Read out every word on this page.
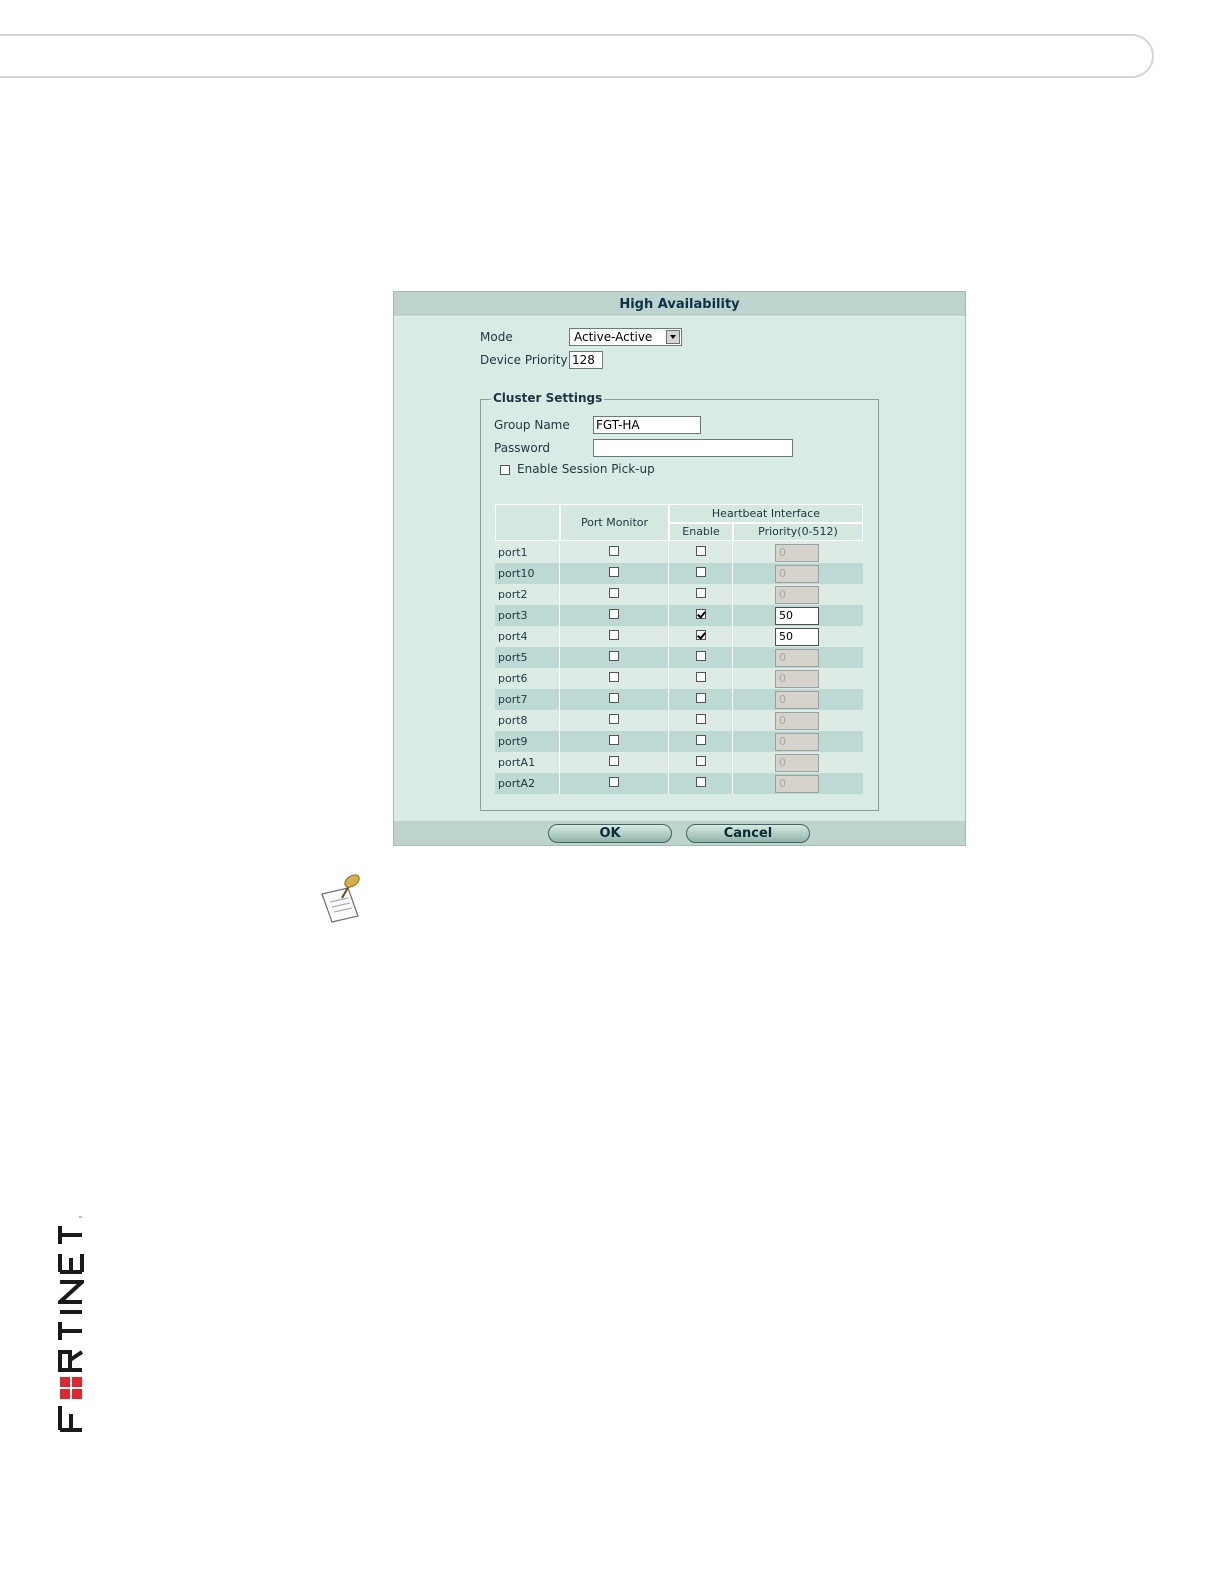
High Availability
Mode	Active-Active
Device Priority 128
Cluster Settings
Group Name FGT-HA
Password
Enable Session Pick-up
Port Monitor
Heartbeat Interface
Enable	Priority(0-512)
port1	0
port10	0
port2	0
port3	50
port4	50
port5	0
port6	0
port7	0
port8	0
port9	0
portA1	0
portA2	0
OK	Cancel
™
